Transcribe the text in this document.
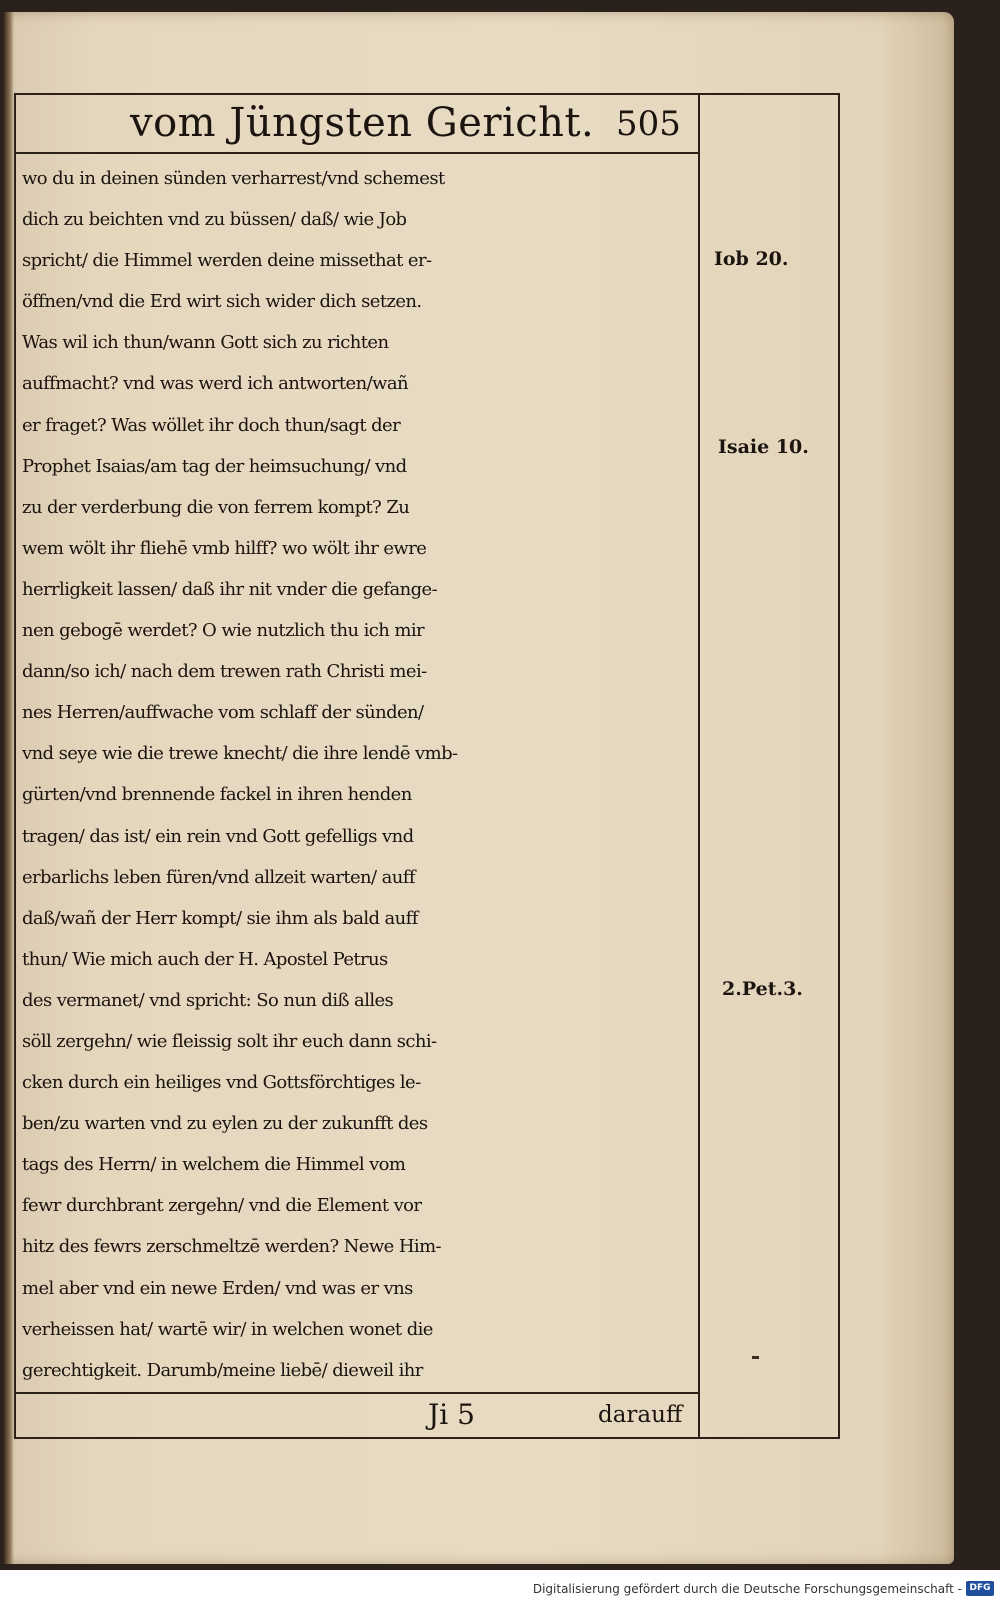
vom Jüngsten Gericht. 505
wo du in deinen sünden verharrest/vnd schemest
dich zu beichten vnd zu büssen/ daß/ wie Job
spricht/ die Himmel werden deine missethat er-
öffnen/vnd die Erd wirt sich wider dich setzen.
Was wil ich thun/wann Gott sich zu richten
auffmacht? vnd was werd ich antworten/wañ
er fraget? Was wöllet ihr doch thun/sagt der
Prophet Isaias/am tag der heimsuchung/ vnd
zu der verderbung die von ferrem kompt? Zu
wem wölt ihr fliehē vmb hilff? wo wölt ihr ewre
herrligkeit lassen/ daß ihr nit vnder die gefange-
nen gebogē werdet? O wie nutzlich thu ich mir
dann/so ich/ nach dem trewen rath Christi mei-
nes Herren/auffwache vom schlaff der sünden/
vnd seye wie die trewe knecht/ die ihre lendē vmb-
gürten/vnd brennende fackel in ihren henden
tragen/ das ist/ ein rein vnd Gott gefelligs vnd
erbarlichs leben füren/vnd allzeit warten/ auff
daß/wañ der Herr kompt/ sie ihm als bald auff
thun/ Wie mich auch der H. Apostel Petrus
des vermanet/ vnd spricht: So nun diß alles
söll zergehn/ wie fleissig solt ihr euch dann schi-
cken durch ein heiliges vnd Gottsförchtiges le-
ben/zu warten vnd zu eylen zu der zukunfft des
tags des Herrn/ in welchem die Himmel vom
fewr durchbrant zergehn/ vnd die Element vor
hitz des fewrs zerschmeltzē werden? Newe Him-
mel aber vnd ein newe Erden/ vnd was er vns
verheissen hat/ wartē wir/ in welchen wonet die
gerechtigkeit. Darumb/meine liebē/ dieweil ihr
Iob 20.
Isaie 10.
2.Pet.3.
Ji 5	darauff
Digitalisierung gefördert durch die Deutsche Forschungsgemeinschaft - DFG
